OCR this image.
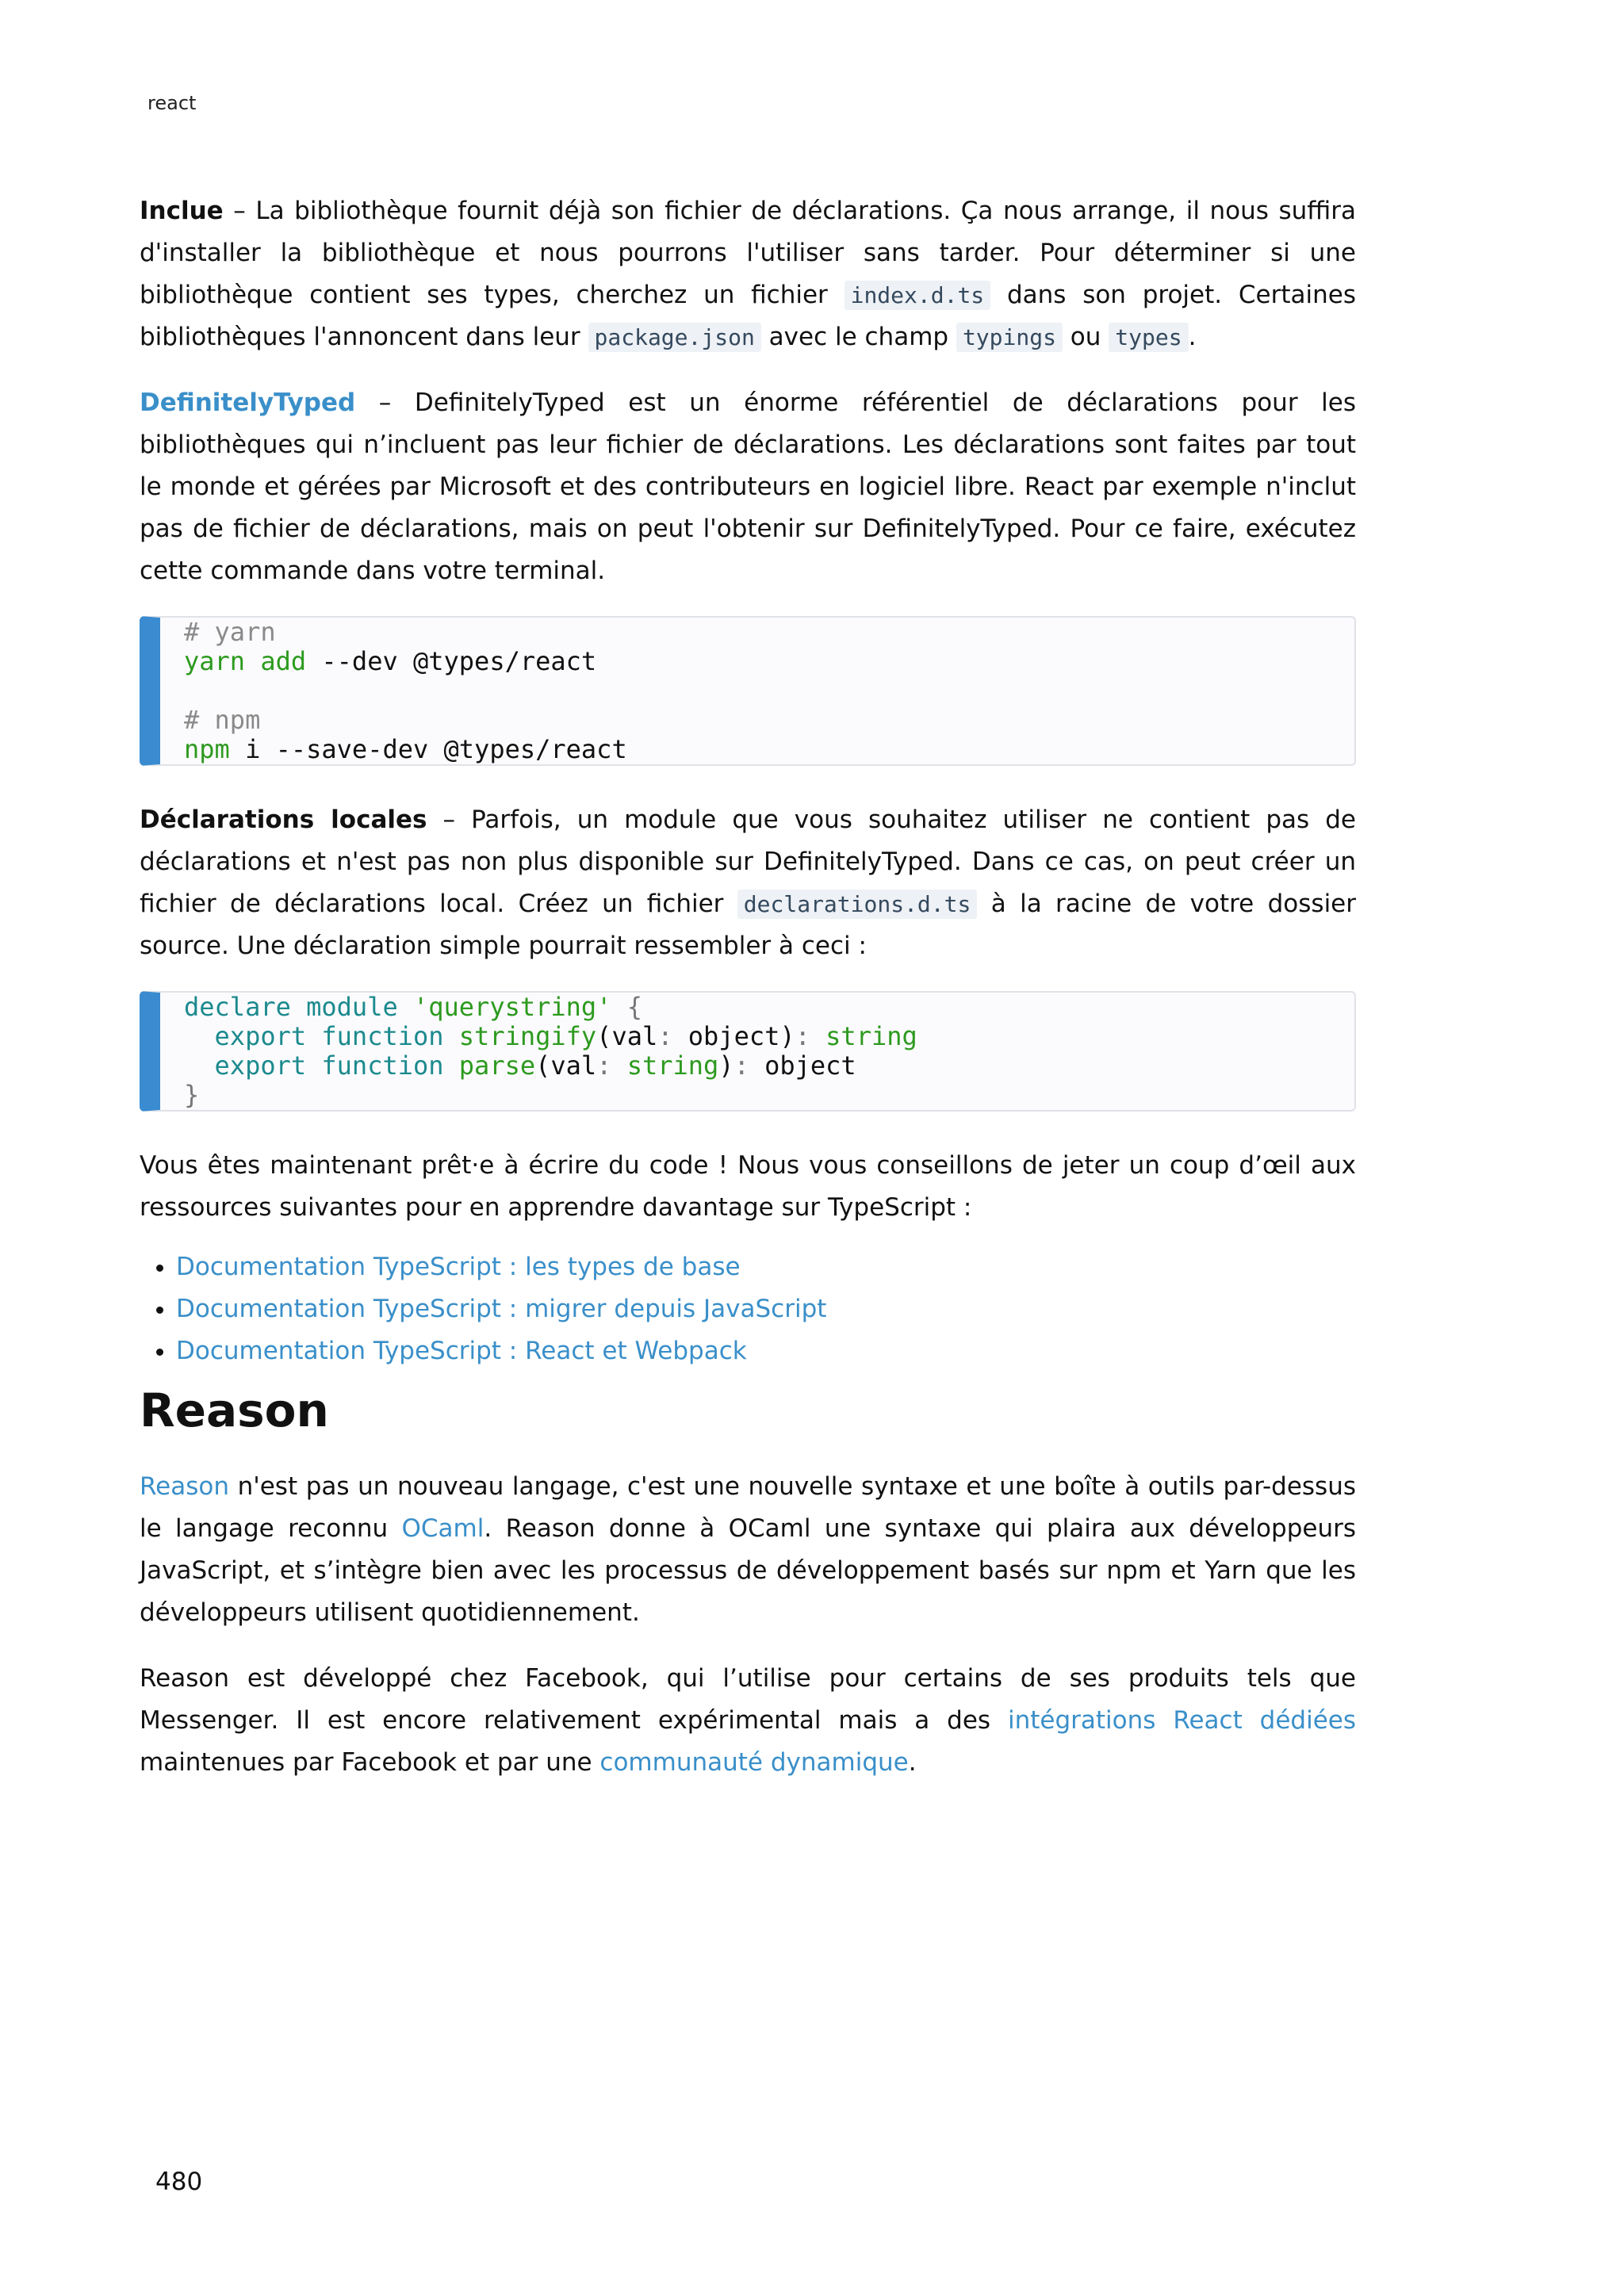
react

Inclue – La bibliothèque fournit déjà son fichier de déclarations. Ça nous arrange, il nous suffira d'installer la bibliothèque et nous pourrons l'utiliser sans tarder. Pour déterminer si une bibliothèque contient ses types, cherchez un fichier index.d.ts dans son projet. Certaines bibliothèques l'annoncent dans leur package.json avec le champ typings ou types .

DefinitelyTyped – DefinitelyTyped est un énorme référentiel de déclarations pour les bibliothèques qui n’incluent pas leur fichier de déclarations. Les déclarations sont faites par tout le monde et gérées par Microsoft et des contributeurs en logiciel libre. React par exemple n'inclut pas de fichier de déclarations, mais on peut l'obtenir sur DefinitelyTyped. Pour ce faire, exécutez cette commande dans votre terminal.

# yarn
yarn add --dev @types/react
# npm
npm i --save-dev @types/react

Déclarations locales – Parfois, un module que vous souhaitez utiliser ne contient pas de déclarations et n'est pas non plus disponible sur DefinitelyTyped. Dans ce cas, on peut créer un fichier de déclarations local. Créez un fichier declarations.d.ts à la racine de votre dossier source. Une déclaration simple pourrait ressembler à ceci :

declare module 'querystring' {
export function stringify(val: object): string
export function parse(val: string): object
}

Vous êtes maintenant prêt·e à écrire du code ! Nous vous conseillons de jeter un coup d’œil aux ressources suivantes pour en apprendre davantage sur TypeScript :

• Documentation TypeScript : les types de base
• Documentation TypeScript : migrer depuis JavaScript
• Documentation TypeScript : React et Webpack
Reason

Reason n'est pas un nouveau langage, c'est une nouvelle syntaxe et une boîte à outils par-dessus le langage reconnu OCaml. Reason donne à OCaml une syntaxe qui plaira aux développeurs JavaScript, et s’intègre bien avec les processus de développement basés sur npm et Yarn que les développeurs utilisent quotidiennement.

Reason est développé chez Facebook, qui l’utilise pour certains de ses produits tels que Messenger. Il est encore relativement expérimental mais a des intégrations React dédiées maintenues par Facebook et par une communauté dynamique.

480
